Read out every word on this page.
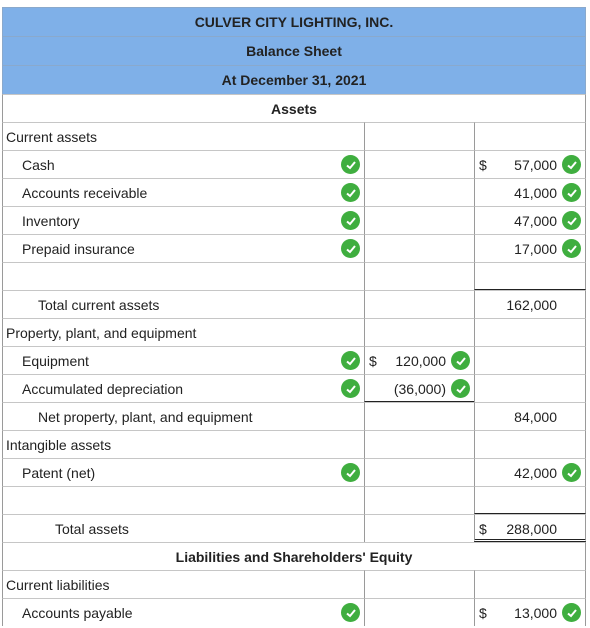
CULVER CITY LIGHTING, INC.
Balance Sheet
At December 31, 2021
Assets
Current assets
Cash	$ 57,000
Accounts receivable	41,000
Inventory	47,000
Prepaid insurance	17,000
Total current assets	162,000
Property, plant, and equipment
Equipment	$ 120,000
Accumulated depreciation	(36,000)
Net property, plant, and equipment	84,000
Intangible assets
Patent (net)	42,000
Total assets	$ 288,000
Liabilities and Shareholders' Equity
Current liabilities
Accounts payable	$ 13,000
